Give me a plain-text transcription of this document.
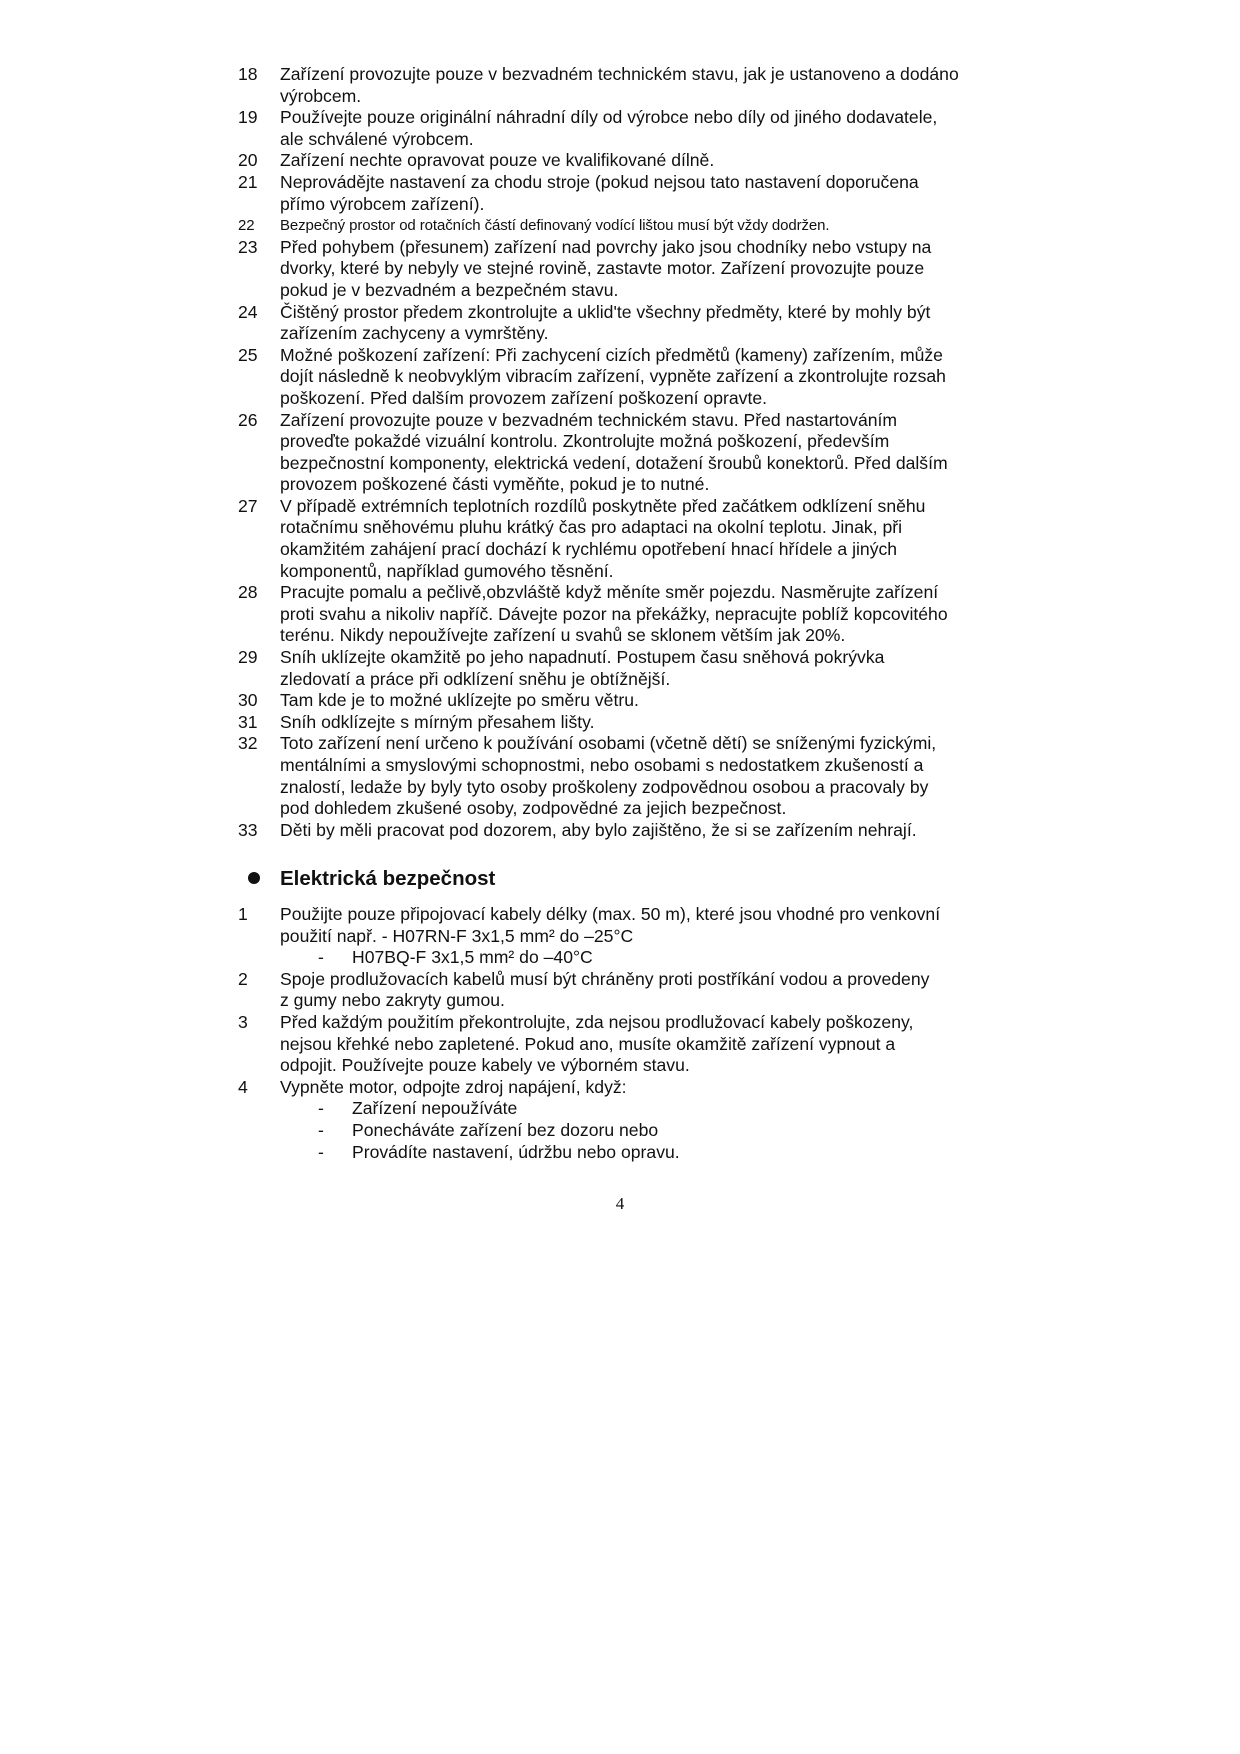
18	Zařízení provozujte pouze v bezvadném technickém stavu, jak je ustanoveno a dodáno
výrobcem.
19	Používejte pouze originální náhradní díly od výrobce nebo díly od jiného dodavatele,
ale schválené výrobcem.
20	Zařízení nechte opravovat pouze ve kvalifikované dílně.
21	Neprovádějte nastavení za chodu stroje (pokud nejsou tato nastavení doporučena
přímo výrobcem zařízení).
22	Bezpečný prostor od rotačních částí definovaný vodící lištou musí být vždy dodržen.
23	Před pohybem (přesunem) zařízení nad povrchy jako jsou chodníky nebo vstupy na
dvorky, které by nebyly ve stejné rovině, zastavte motor. Zařízení provozujte pouze
pokud je v bezvadném a bezpečném stavu.
24	Čištěný prostor předem zkontrolujte a uklid'te všechny předměty, které by mohly být
zařízením zachyceny a vymrštěny.
25	Možné poškození zařízení: Při zachycení cizích předmětů (kameny) zařízením, může
dojít následně k neobvyklým vibracím zařízení, vypněte zařízení a zkontrolujte rozsah
poškození. Před dalším provozem zařízení poškození opravte.
26	Zařízení provozujte pouze v bezvadném technickém stavu. Před nastartováním
proveďte pokaždé vizuální kontrolu. Zkontrolujte možná poškození, především
bezpečnostní komponenty, elektrická vedení, dotažení šroubů konektorů. Před dalším
provozem poškozené části vyměňte, pokud je to nutné.
27	V případě extrémních teplotních rozdílů poskytněte před začátkem odklízení sněhu
rotačnímu sněhovému pluhu krátký čas pro adaptaci na okolní teplotu. Jinak, při
okamžitém zahájení prací dochází k rychlému opotřebení hnací hřídele a jiných
komponentů, například gumového těsnění.
28	Pracujte pomalu a pečlivě,obzvláště když měníte směr pojezdu. Nasměrujte zařízení
proti svahu a nikoliv napříč. Dávejte pozor na překážky, nepracujte poblíž kopcovitého
terénu. Nikdy nepoužívejte zařízení u svahů se sklonem větším jak 20%.
29	Sníh uklízejte okamžitě po jeho napadnutí. Postupem času sněhová pokrývka
zledovatí a práce při odklízení sněhu je obtížnější.
30	Tam kde je to možné uklízejte po směru větru.
31	Sníh odklízejte s mírným přesahem lišty.
32	Toto zařízení není určeno k používání osobami (včetně dětí) se sníženými fyzickými,
mentálními a smyslovými schopnostmi, nebo osobami s nedostatkem zkušeností a
znalostí, ledaže by byly tyto osoby proškoleny zodpovědnou osobou a pracovaly by
pod dohledem zkušené osoby, zodpovědné za jejich bezpečnost.
33	Děti by měli pracovat pod dozorem, aby bylo zajištěno, že si se zařízením nehrají.
Elektrická bezpečnost
1	Použijte pouze připojovací kabely délky (max. 50 m), které jsou vhodné pro venkovní
použití např. - H07RN-F 3x1,5 mm² do –25°C
- H07BQ-F 3x1,5 mm² do –40°C
2	Spoje prodlužovacích kabelů musí být chráněny proti postříkání vodou a provedeny
z gumy nebo zakryty gumou.
3	Před každým použitím překontrolujte, zda nejsou prodlužovací kabely poškozeny,
nejsou křehké nebo zapletené. Pokud ano, musíte okamžitě zařízení vypnout a
odpojit. Používejte pouze kabely ve výborném stavu.
4	Vypněte motor, odpojte zdroj napájení, když:
- Zařízení nepoužíváte
- Ponecháváte zařízení bez dozoru nebo
- Provádíte nastavení, údržbu nebo opravu.
4
